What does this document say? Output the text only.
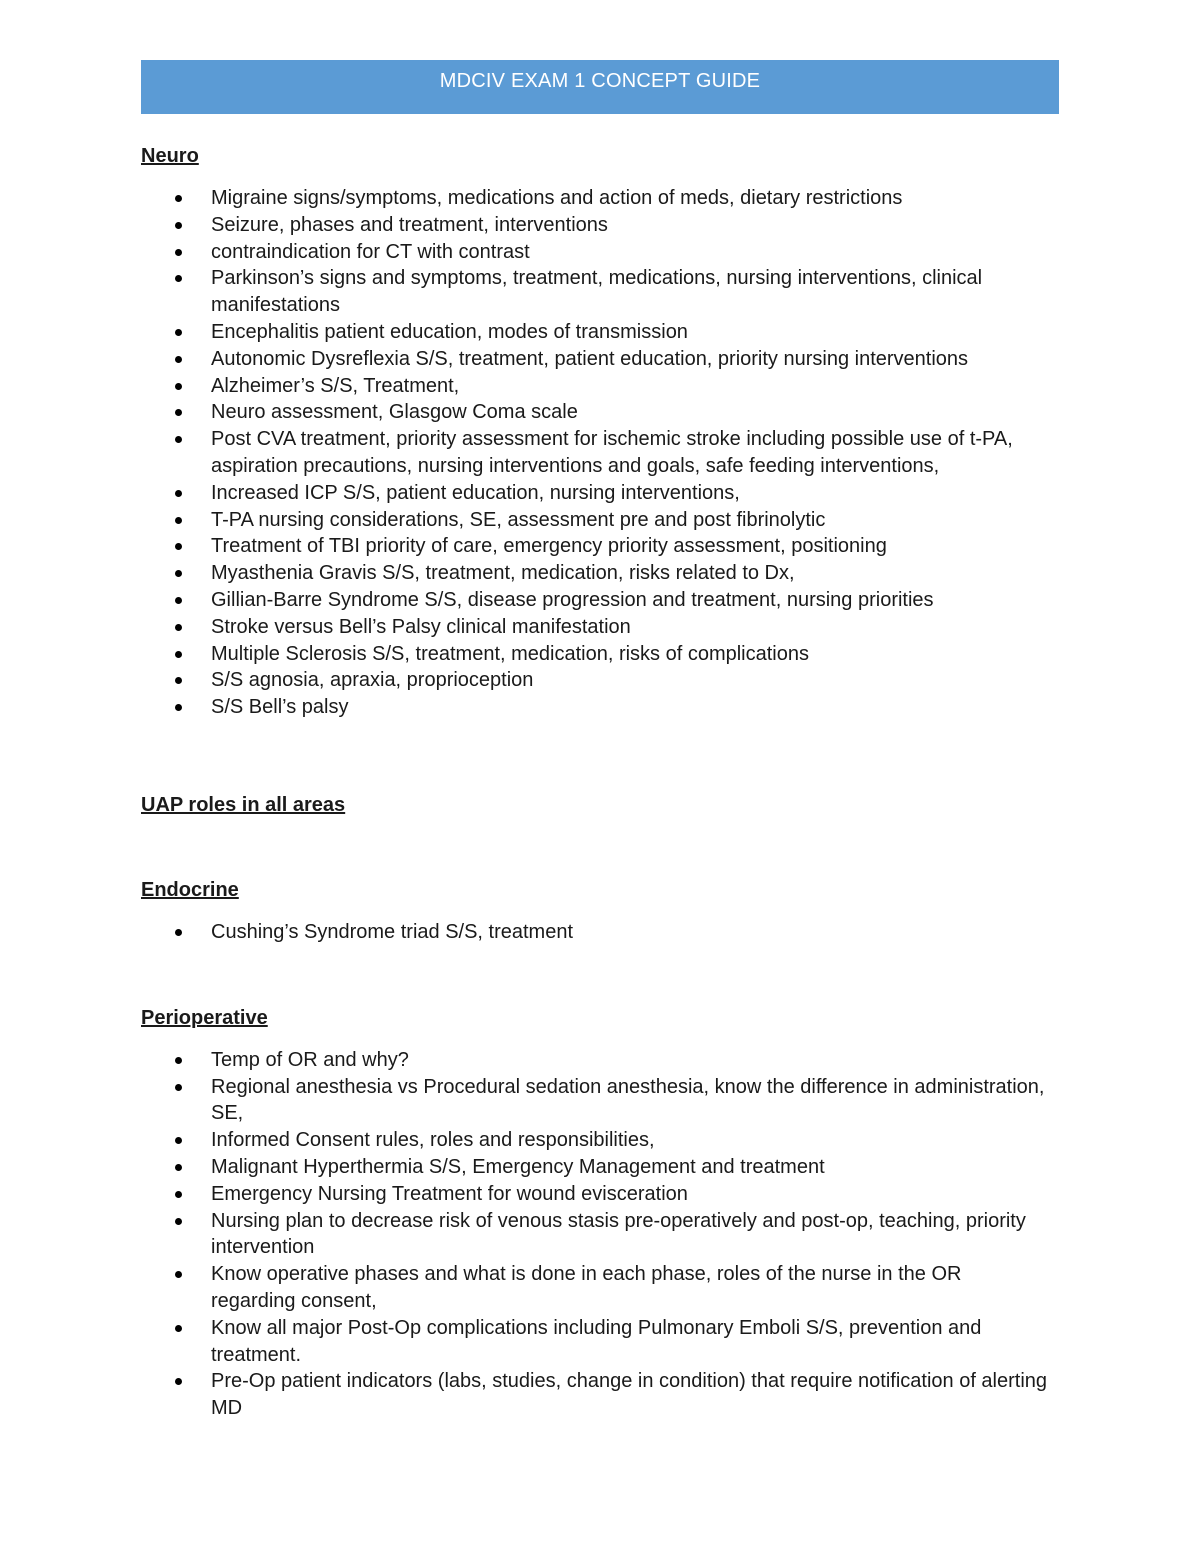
MDCIV EXAM 1 CONCEPT GUIDE
Neuro
Migraine signs/symptoms, medications and action of meds, dietary restrictions
Seizure, phases and treatment, interventions
contraindication for CT with contrast
Parkinson’s signs and symptoms, treatment, medications, nursing interventions, clinical manifestations
Encephalitis patient education, modes of transmission
Autonomic Dysreflexia S/S, treatment, patient education, priority nursing interventions
Alzheimer’s S/S, Treatment,
Neuro assessment, Glasgow Coma scale
Post CVA treatment, priority assessment for ischemic stroke including possible use of t-PA, aspiration precautions, nursing interventions and goals, safe feeding interventions,
Increased ICP S/S, patient education, nursing interventions,
T-PA nursing considerations, SE, assessment pre and post fibrinolytic
Treatment of TBI priority of care, emergency priority assessment, positioning
Myasthenia Gravis S/S, treatment, medication, risks related to Dx,
Gillian-Barre Syndrome S/S, disease progression and treatment, nursing priorities
Stroke versus Bell’s Palsy clinical manifestation
Multiple Sclerosis S/S, treatment, medication, risks of complications
S/S agnosia, apraxia, proprioception
S/S Bell’s palsy
UAP roles in all areas
Endocrine
Cushing’s Syndrome triad S/S, treatment
Perioperative
Temp of OR and why?
Regional anesthesia vs Procedural sedation anesthesia, know the difference in administration, SE,
Informed Consent rules, roles and responsibilities,
Malignant Hyperthermia S/S, Emergency Management and treatment
Emergency Nursing Treatment for wound evisceration
Nursing plan to decrease risk of venous stasis pre-operatively and post-op, teaching, priority intervention
Know operative phases and what is done in each phase, roles of the nurse in the OR regarding consent,
Know all major Post-Op complications including Pulmonary Emboli S/S, prevention and treatment.
Pre-Op patient indicators (labs, studies, change in condition) that require notification of alerting MD
